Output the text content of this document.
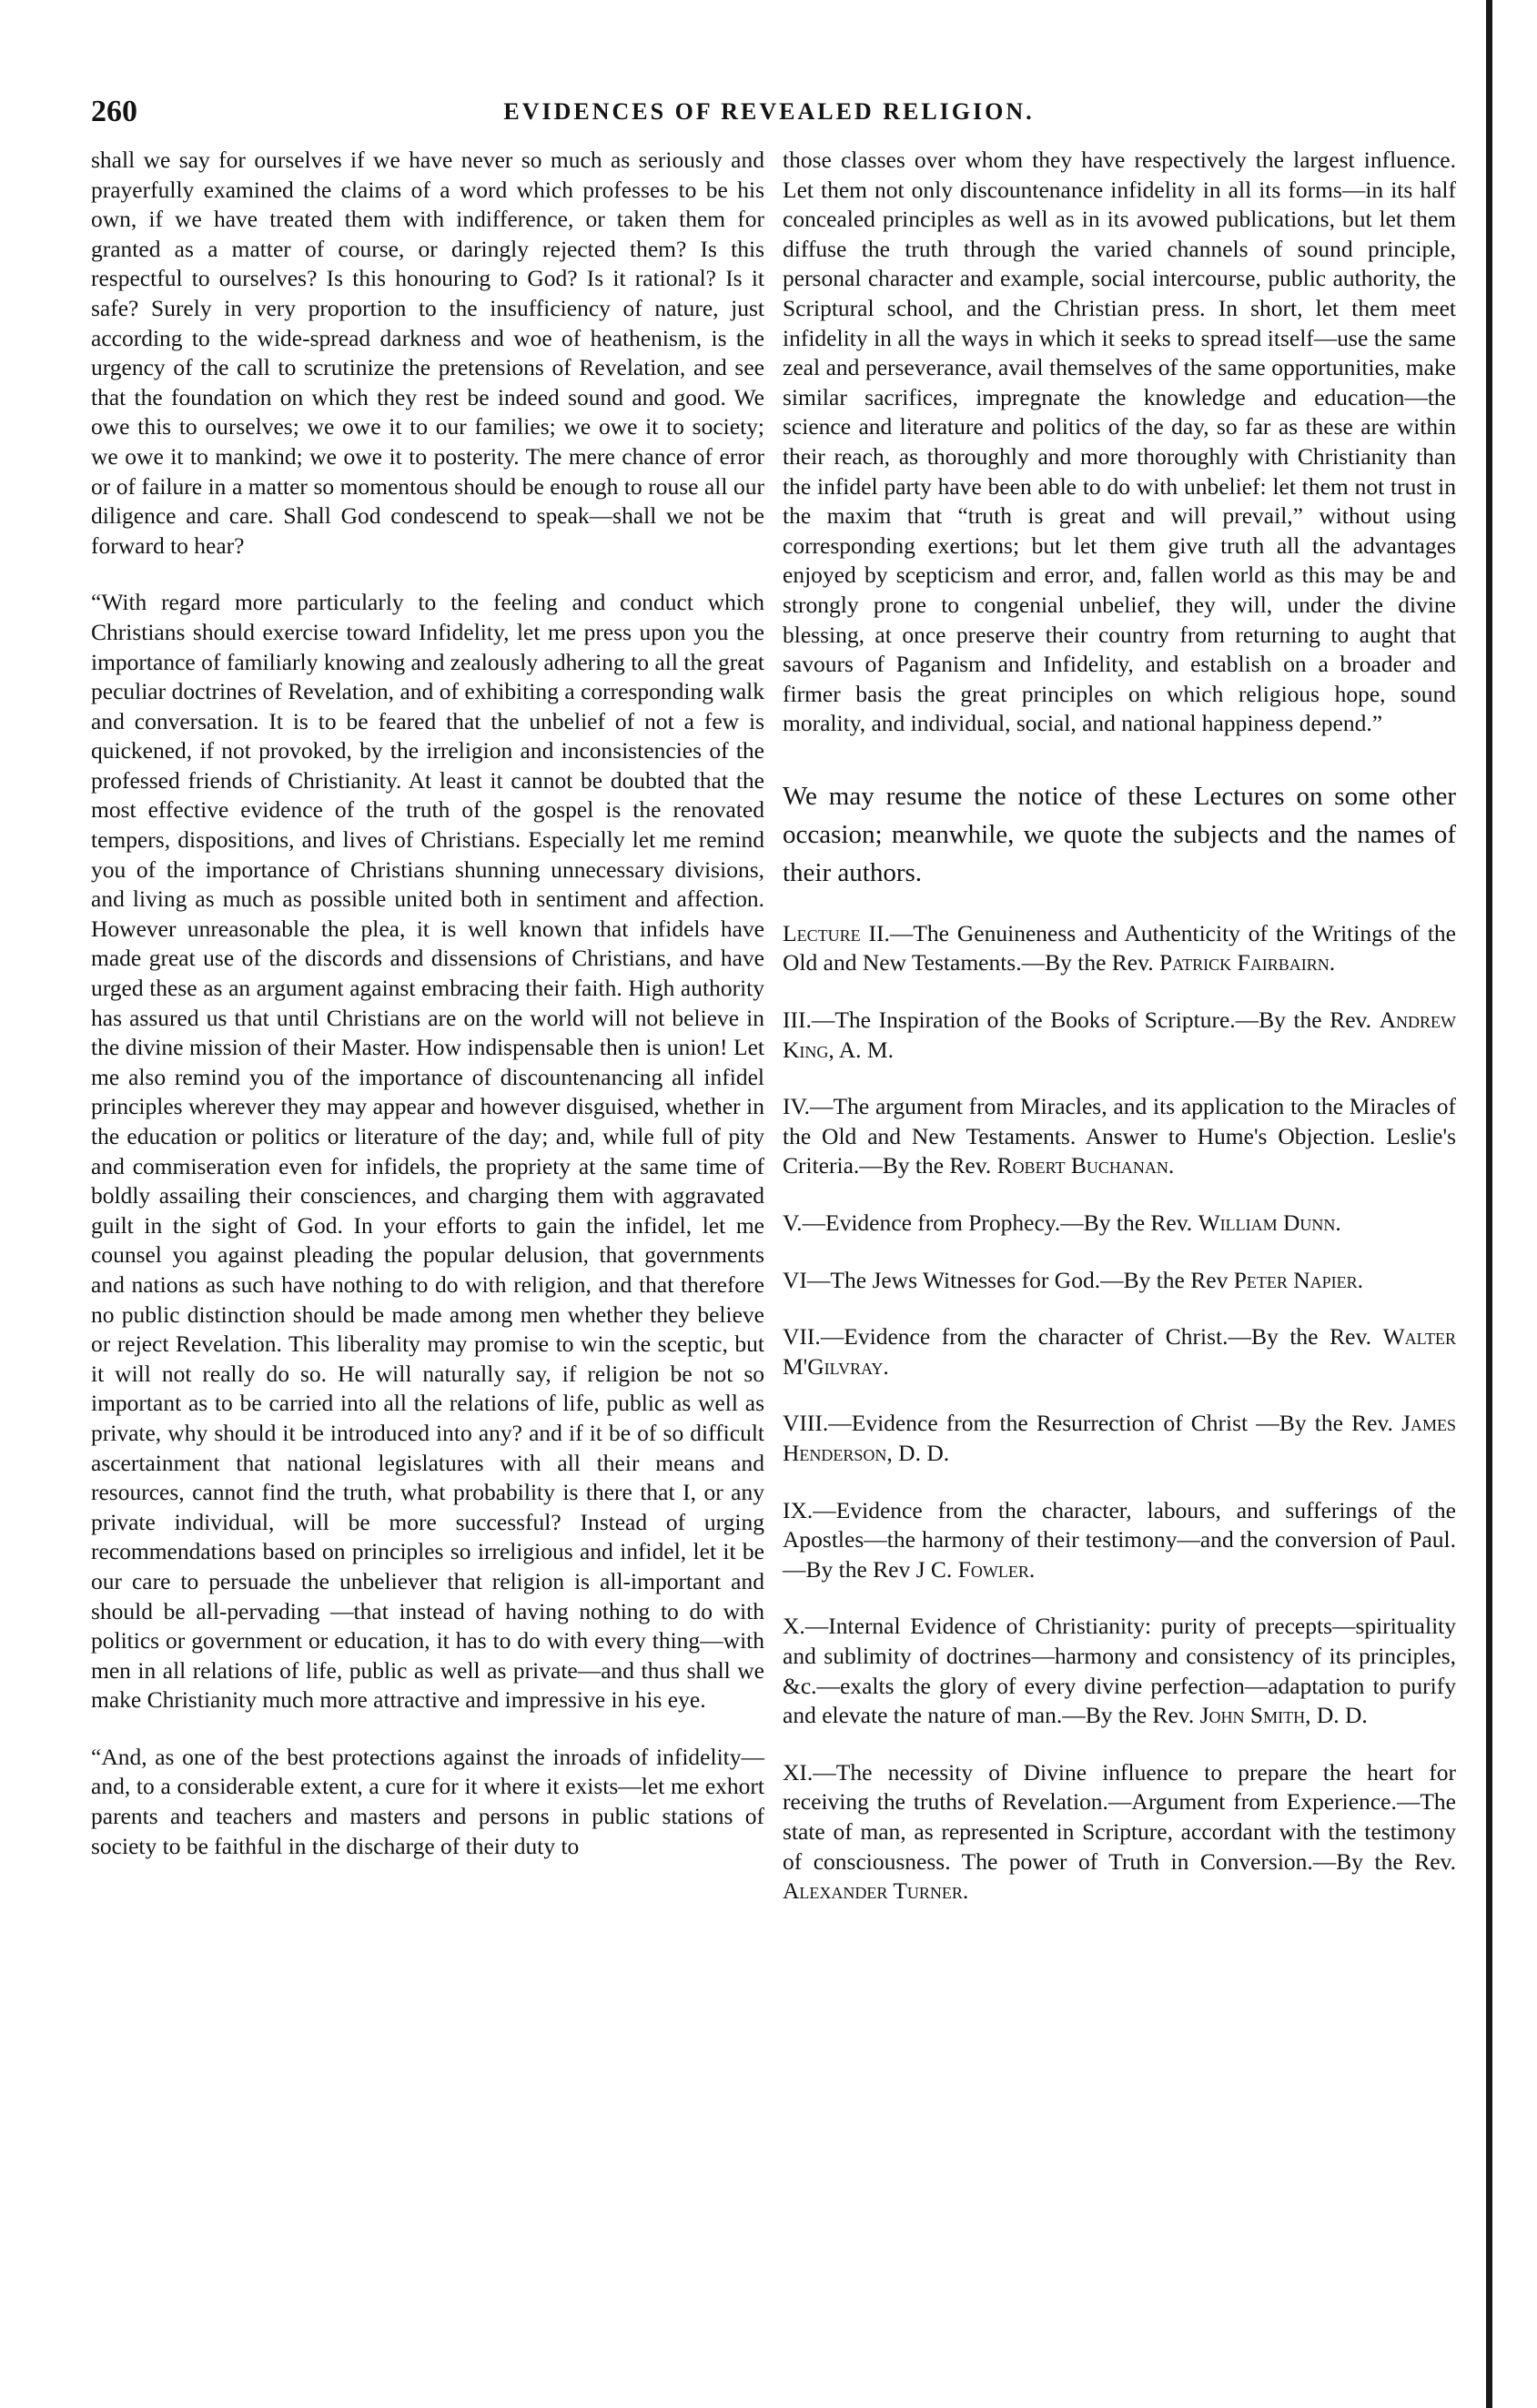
260	EVIDENCES OF REVEALED RELIGION.

shall we say for ourselves if we have never so much as seriously and prayerfully examined the claims of a word which professes to be his own, if we have treated them with indifference, or taken them for granted as a matter of course, or daringly rejected them? Is this respectful to ourselves? Is this honouring to God? Is it rational? Is it safe? Surely in very proportion to the insufficiency of nature, just according to the wide-spread darkness and woe of heathenism, is the urgency of the call to scrutinize the pretensions of Revelation, and see that the foundation on which they rest be indeed sound and good. We owe this to ourselves; we owe it to our families; we owe it to society; we owe it to mankind; we owe it to posterity. The mere chance of error or of failure in a matter so momentous should be enough to rouse all our diligence and care. Shall God condescend to speak—shall we not be forward to hear?

“With regard more particularly to the feeling and conduct which Christians should exercise toward Infidelity, let me press upon you the importance of familiarly knowing and zealously adhering to all the great peculiar doctrines of Revelation, and of exhibiting a corresponding walk and conversation. It is to be feared that the unbelief of not a few is quickened, if not provoked, by the irreligion and inconsistencies of the professed friends of Christianity. At least it cannot be doubted that the most effective evidence of the truth of the gospel is the renovated tempers, dispositions, and lives of Christians. Especially let me remind you of the importance of Christians shunning unnecessary divisions, and living as much as possible united both in sentiment and affection. However unreasonable the plea, it is well known that infidels have made great use of the discords and dissensions of Christians, and have urged these as an argument against embracing their faith. High authority has assured us that until Christians are on the world will not believe in the divine mission of their Master. How indispensable then is union! Let me also remind you of the importance of discountenancing all infidel principles wherever they may appear and however disguised, whether in the education or politics or literature of the day; and, while full of pity and commiseration even for infidels, the propriety at the same time of boldly assailing their consciences, and charging them with aggravated guilt in the sight of God. In your efforts to gain the infidel, let me counsel you against pleading the popular delusion, that governments and nations as such have nothing to do with religion, and that therefore no public distinction should be made among men whether they believe or reject Revelation. This liberality may promise to win the sceptic, but it will not really do so. He will naturally say, if religion be not so important as to be carried into all the relations of life, public as well as private, why should it be introduced into any? and if it be of so difficult ascertainment that national legislatures with all their means and resources, cannot find the truth, what probability is there that I, or any private individual, will be more successful? Instead of urging recommendations based on principles so irreligious and infidel, let it be our care to persuade the unbeliever that religion is all-important and should be all-pervading —that instead of having nothing to do with politics or government or education, it has to do with every thing—with men in all relations of life, public as well as private—and thus shall we make Christianity much more attractive and impressive in his eye.

“And, as one of the best protections against the inroads of infidelity—and, to a considerable extent, a cure for it where it exists—let me exhort parents and teachers and masters and persons in public stations of society to be faithful in the discharge of their duty to

those classes over whom they have respectively the largest influence. Let them not only discountenance infidelity in all its forms—in its half concealed principles as well as in its avowed publications, but let them diffuse the truth through the varied channels of sound principle, personal character and example, social intercourse, public authority, the Scriptural school, and the Christian press. In short, let them meet infidelity in all the ways in which it seeks to spread itself—use the same zeal and perseverance, avail themselves of the same opportunities, make similar sacrifices, impregnate the knowledge and education—the science and literature and politics of the day, so far as these are within their reach, as thoroughly and more thoroughly with Christianity than the infidel party have been able to do with unbelief: let them not trust in the maxim that “truth is great and will prevail,” without using corresponding exertions; but let them give truth all the advantages enjoyed by scepticism and error, and, fallen world as this may be and strongly prone to congenial unbelief, they will, under the divine blessing, at once preserve their country from returning to aught that savours of Paganism and Infidelity, and establish on a broader and firmer basis the great principles on which religious hope, sound morality, and individual, social, and national happiness depend.”

We may resume the notice of these Lectures on some other occasion; meanwhile, we quote the subjects and the names of their authors.

Lecture II.—The Genuineness and Authenticity of the Writings of the Old and New Testaments.—By the Rev. Patrick Fairbairn.

III.—The Inspiration of the Books of Scripture.—By the Rev. Andrew King, A. M.

IV.—The argument from Miracles, and its application to the Miracles of the Old and New Testaments. Answer to Hume's Objection. Leslie's Criteria.—By the Rev. Robert Buchanan.

V.—Evidence from Prophecy.—By the Rev. William Dunn.

VI—The Jews Witnesses for God.—By the Rev Peter Napier.

VII.—Evidence from the character of Christ.—By the Rev. Walter M'Gilvray.

VIII.—Evidence from the Resurrection of Christ —By the Rev. James Henderson, D. D.

IX.—Evidence from the character, labours, and sufferings of the Apostles—the harmony of their testimony—and the conversion of Paul.—By the Rev J C. Fowler.

X.—Internal Evidence of Christianity: purity of precepts—spirituality and sublimity of doctrines—harmony and consistency of its principles, &c.—exalts the glory of every divine perfection—adaptation to purify and elevate the nature of man.—By the Rev. John Smith, D. D.

XI.—The necessity of Divine influence to prepare the heart for receiving the truths of Revelation.—Argument from Experience.—The state of man, as represented in Scripture, accordant with the testimony of consciousness. The power of Truth in Conversion.—By the Rev. Alexander Turner.
